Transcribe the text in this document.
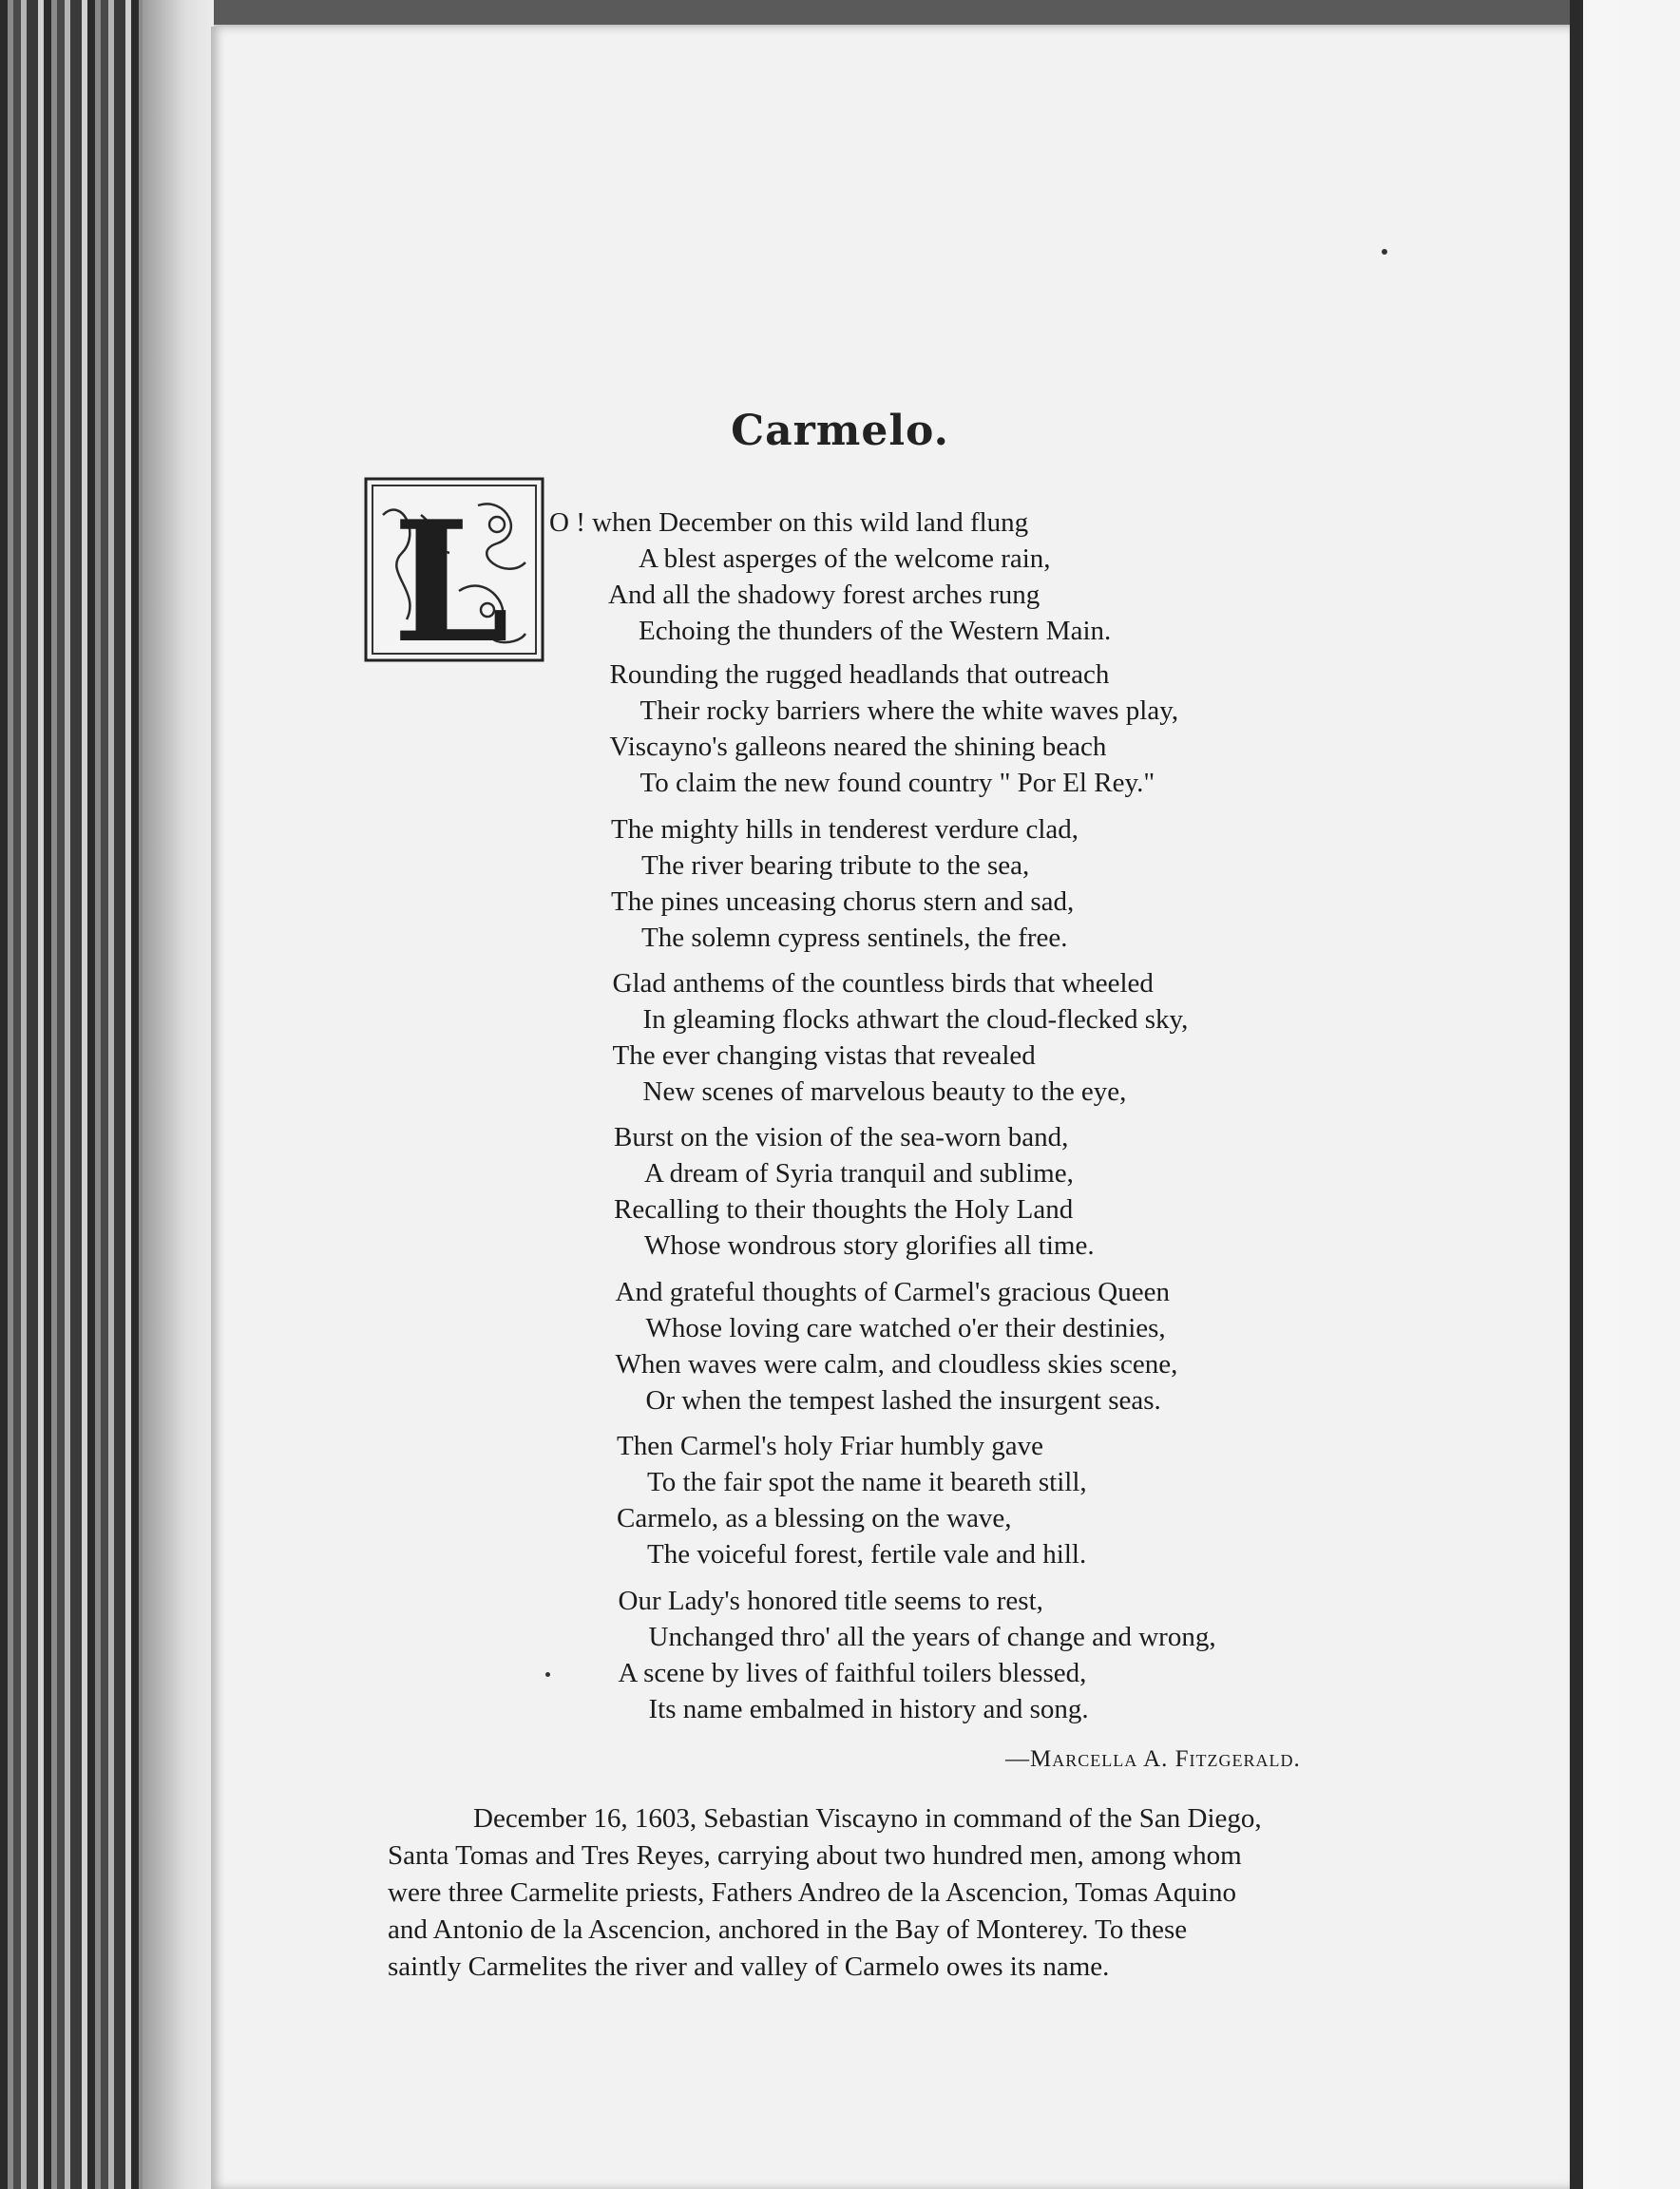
Carmelo.
L O ! when December on this wild land flung
A blest asperges of the welcome rain,
And all the shadowy forest arches rung
Echoing the thunders of the Western Main.
Rounding the rugged headlands that outreach
Their rocky barriers where the white waves play,
Viscayno's galleons neared the shining beach
To claim the new found country " Por El Rey."
The mighty hills in tenderest verdure clad,
The river bearing tribute to the sea,
The pines unceasing chorus stern and sad,
The solemn cypress sentinels, the free.
Glad anthems of the countless birds that wheeled
In gleaming flocks athwart the cloud-flecked sky,
The ever changing vistas that revealed
New scenes of marvelous beauty to the eye,
Burst on the vision of the sea-worn band,
A dream of Syria tranquil and sublime,
Recalling to their thoughts the Holy Land
Whose wondrous story glorifies all time.
And grateful thoughts of Carmel's gracious Queen
Whose loving care watched o'er their destinies,
When waves were calm, and cloudless skies scene,
Or when the tempest lashed the insurgent seas.
Then Carmel's holy Friar humbly gave
To the fair spot the name it beareth still,
Carmelo, as a blessing on the wave,
The voiceful forest, fertile vale and hill.
Our Lady's honored title seems to rest,
Unchanged thro' all the years of change and wrong,
A scene by lives of faithful toilers blessed,
Its name embalmed in history and song.
—Marcella A. Fitzgerald.
December 16, 1603, Sebastian Viscayno in command of the San Diego,
Santa Tomas and Tres Reyes, carrying about two hundred men, among whom
were three Carmelite priests, Fathers Andreo de la Ascencion, Tomas Aquino
and Antonio de la Ascencion, anchored in the Bay of Monterey. To these
saintly Carmelites the river and valley of Carmelo owes its name.
